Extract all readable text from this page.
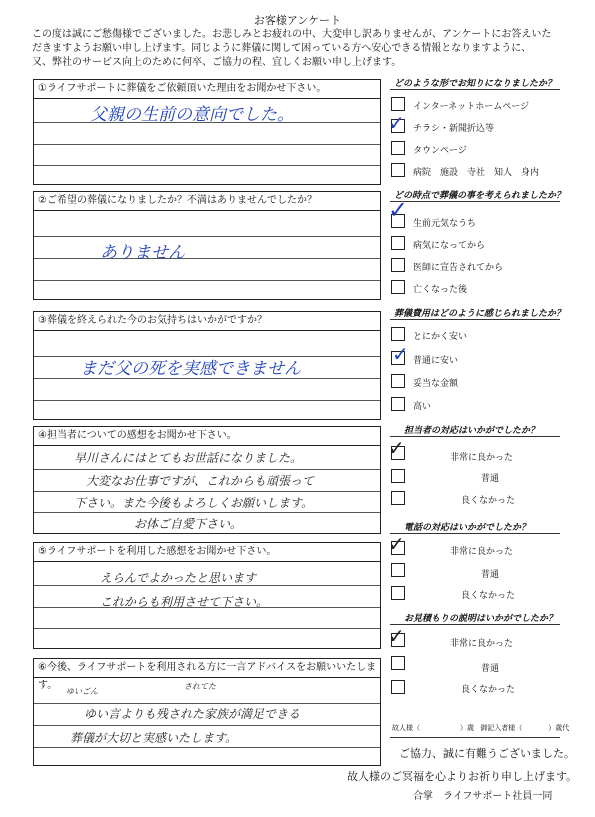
お客様アンケート
この度は誠にご愁傷様でございました。お悲しみとお疲れの中、大変申し訳ありませんが、アンケートにお答えいた
だきますようお願い申し上げます。同じように葬儀に関して困っている方へ安心できる情報となりますように、
又、弊社のサービス向上のために何卒、ご協力の程、宜しくお願い申し上げます。
①ライフサポートに葬儀をご依頼頂いた理由をお聞かせ下さい。
父親の生前の意向でした。
②ご希望の葬儀になりましたか？不満はありませんでしたか？
ありません
③葬儀を終えられた今のお気持ちはいかがですか？
まだ父の死を実感できません
④担当者についての感想をお聞かせ下さい。
早川さんにはとてもお世話になりました。
大変なお仕事ですが、これからも頑張って
下さい。また今後もよろしくお願いします。
お体ご自愛下さい。
⑤ライフサポートを利用した感想をお聞かせ下さい。
えらんでよかったと思います
これからも利用させて下さい。
⑥今後、ライフサポートを利用される方に一言アドバイスをお願いいたします。
ゆいごん
されてた
ゆい言よりも残された家族が満足できる
葬儀が大切と実感いたします。
どのような形でお知りになりましたか？
インターネットホームページ
✓ チラシ・新聞折込等
タウンページ
病院　施設　寺社　知人　身内
どの時点で葬儀の事を考えられましたか？
✓ 生前元気なうち
病気になってから
医師に宣告されてから
亡くなった後
葬儀費用はどのように感じられましたか？
とにかく安い
✓ 普通に安い
妥当な金額
高い
担当者の対応はいかがでしたか？
✓	非常に良かった
普通
良くなかった
電話の対応はいかがでしたか？
✓	非常に良かった
普通
良くなかった
お見積もりの説明はいかがでしたか？
✓	非常に良かった
普通
良くなかった
故人様（	）歳 御記入者様（	）歳代
ご協力、誠に有難うございました。
故人様のご冥福を心よりお祈り申し上げます。
合掌　ライフサポート社員一同
